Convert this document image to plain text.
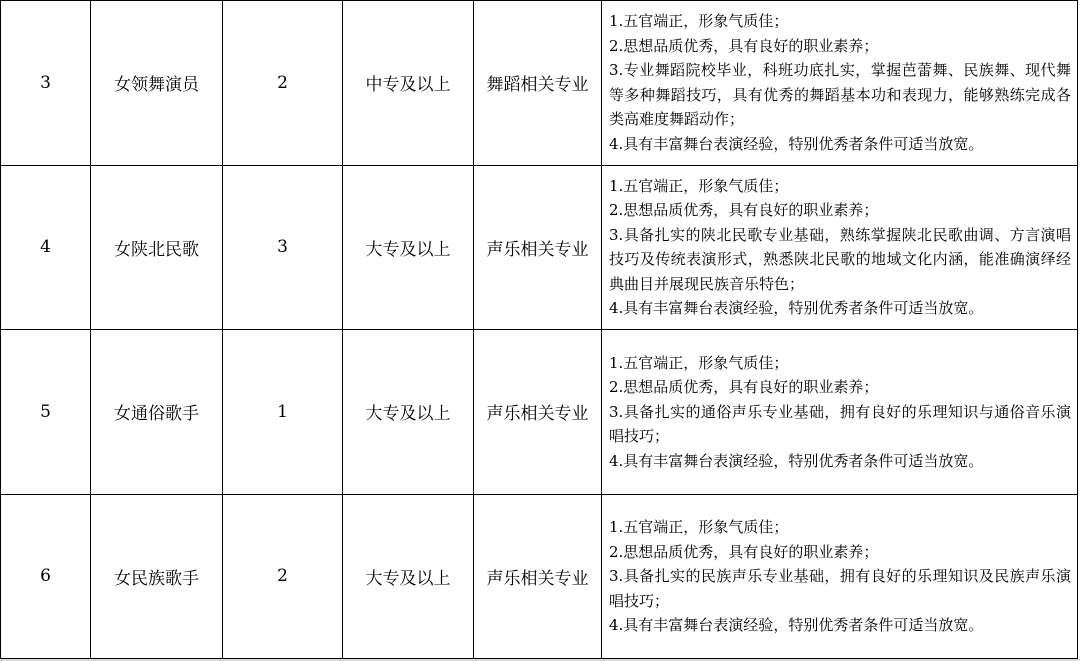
3	女领舞演员	2	中专及以上	舞蹈相关专业	1.五官端正，形象气质佳；
2.思想品质优秀，具有良好的职业素养；
3.专业舞蹈院校毕业，科班功底扎实，掌握芭蕾舞、民族舞、现代舞等多种舞蹈技巧，具有优秀的舞蹈基本功和表现力，能够熟练完成各类高难度舞蹈动作；
4.具有丰富舞台表演经验，特别优秀者条件可适当放宽。

4	女陕北民歌	3	大专及以上	声乐相关专业	1.五官端正，形象气质佳；
2.思想品质优秀，具有良好的职业素养；
3.具备扎实的陕北民歌专业基础，熟练掌握陕北民歌曲调、方言演唱技巧及传统表演形式，熟悉陕北民歌的地域文化内涵，能准确演绎经典曲目并展现民族音乐特色；
4.具有丰富舞台表演经验，特别优秀者条件可适当放宽。

5	女通俗歌手	1	大专及以上	声乐相关专业	1.五官端正，形象气质佳；
2.思想品质优秀，具有良好的职业素养；
3.具备扎实的通俗声乐专业基础，拥有良好的乐理知识与通俗音乐演唱技巧；
4.具有丰富舞台表演经验，特别优秀者条件可适当放宽。

6	女民族歌手	2	大专及以上	声乐相关专业	1.五官端正，形象气质佳；
2.思想品质优秀，具有良好的职业素养；
3.具备扎实的民族声乐专业基础，拥有良好的乐理知识及民族声乐演唱技巧；
4.具有丰富舞台表演经验，特别优秀者条件可适当放宽。
